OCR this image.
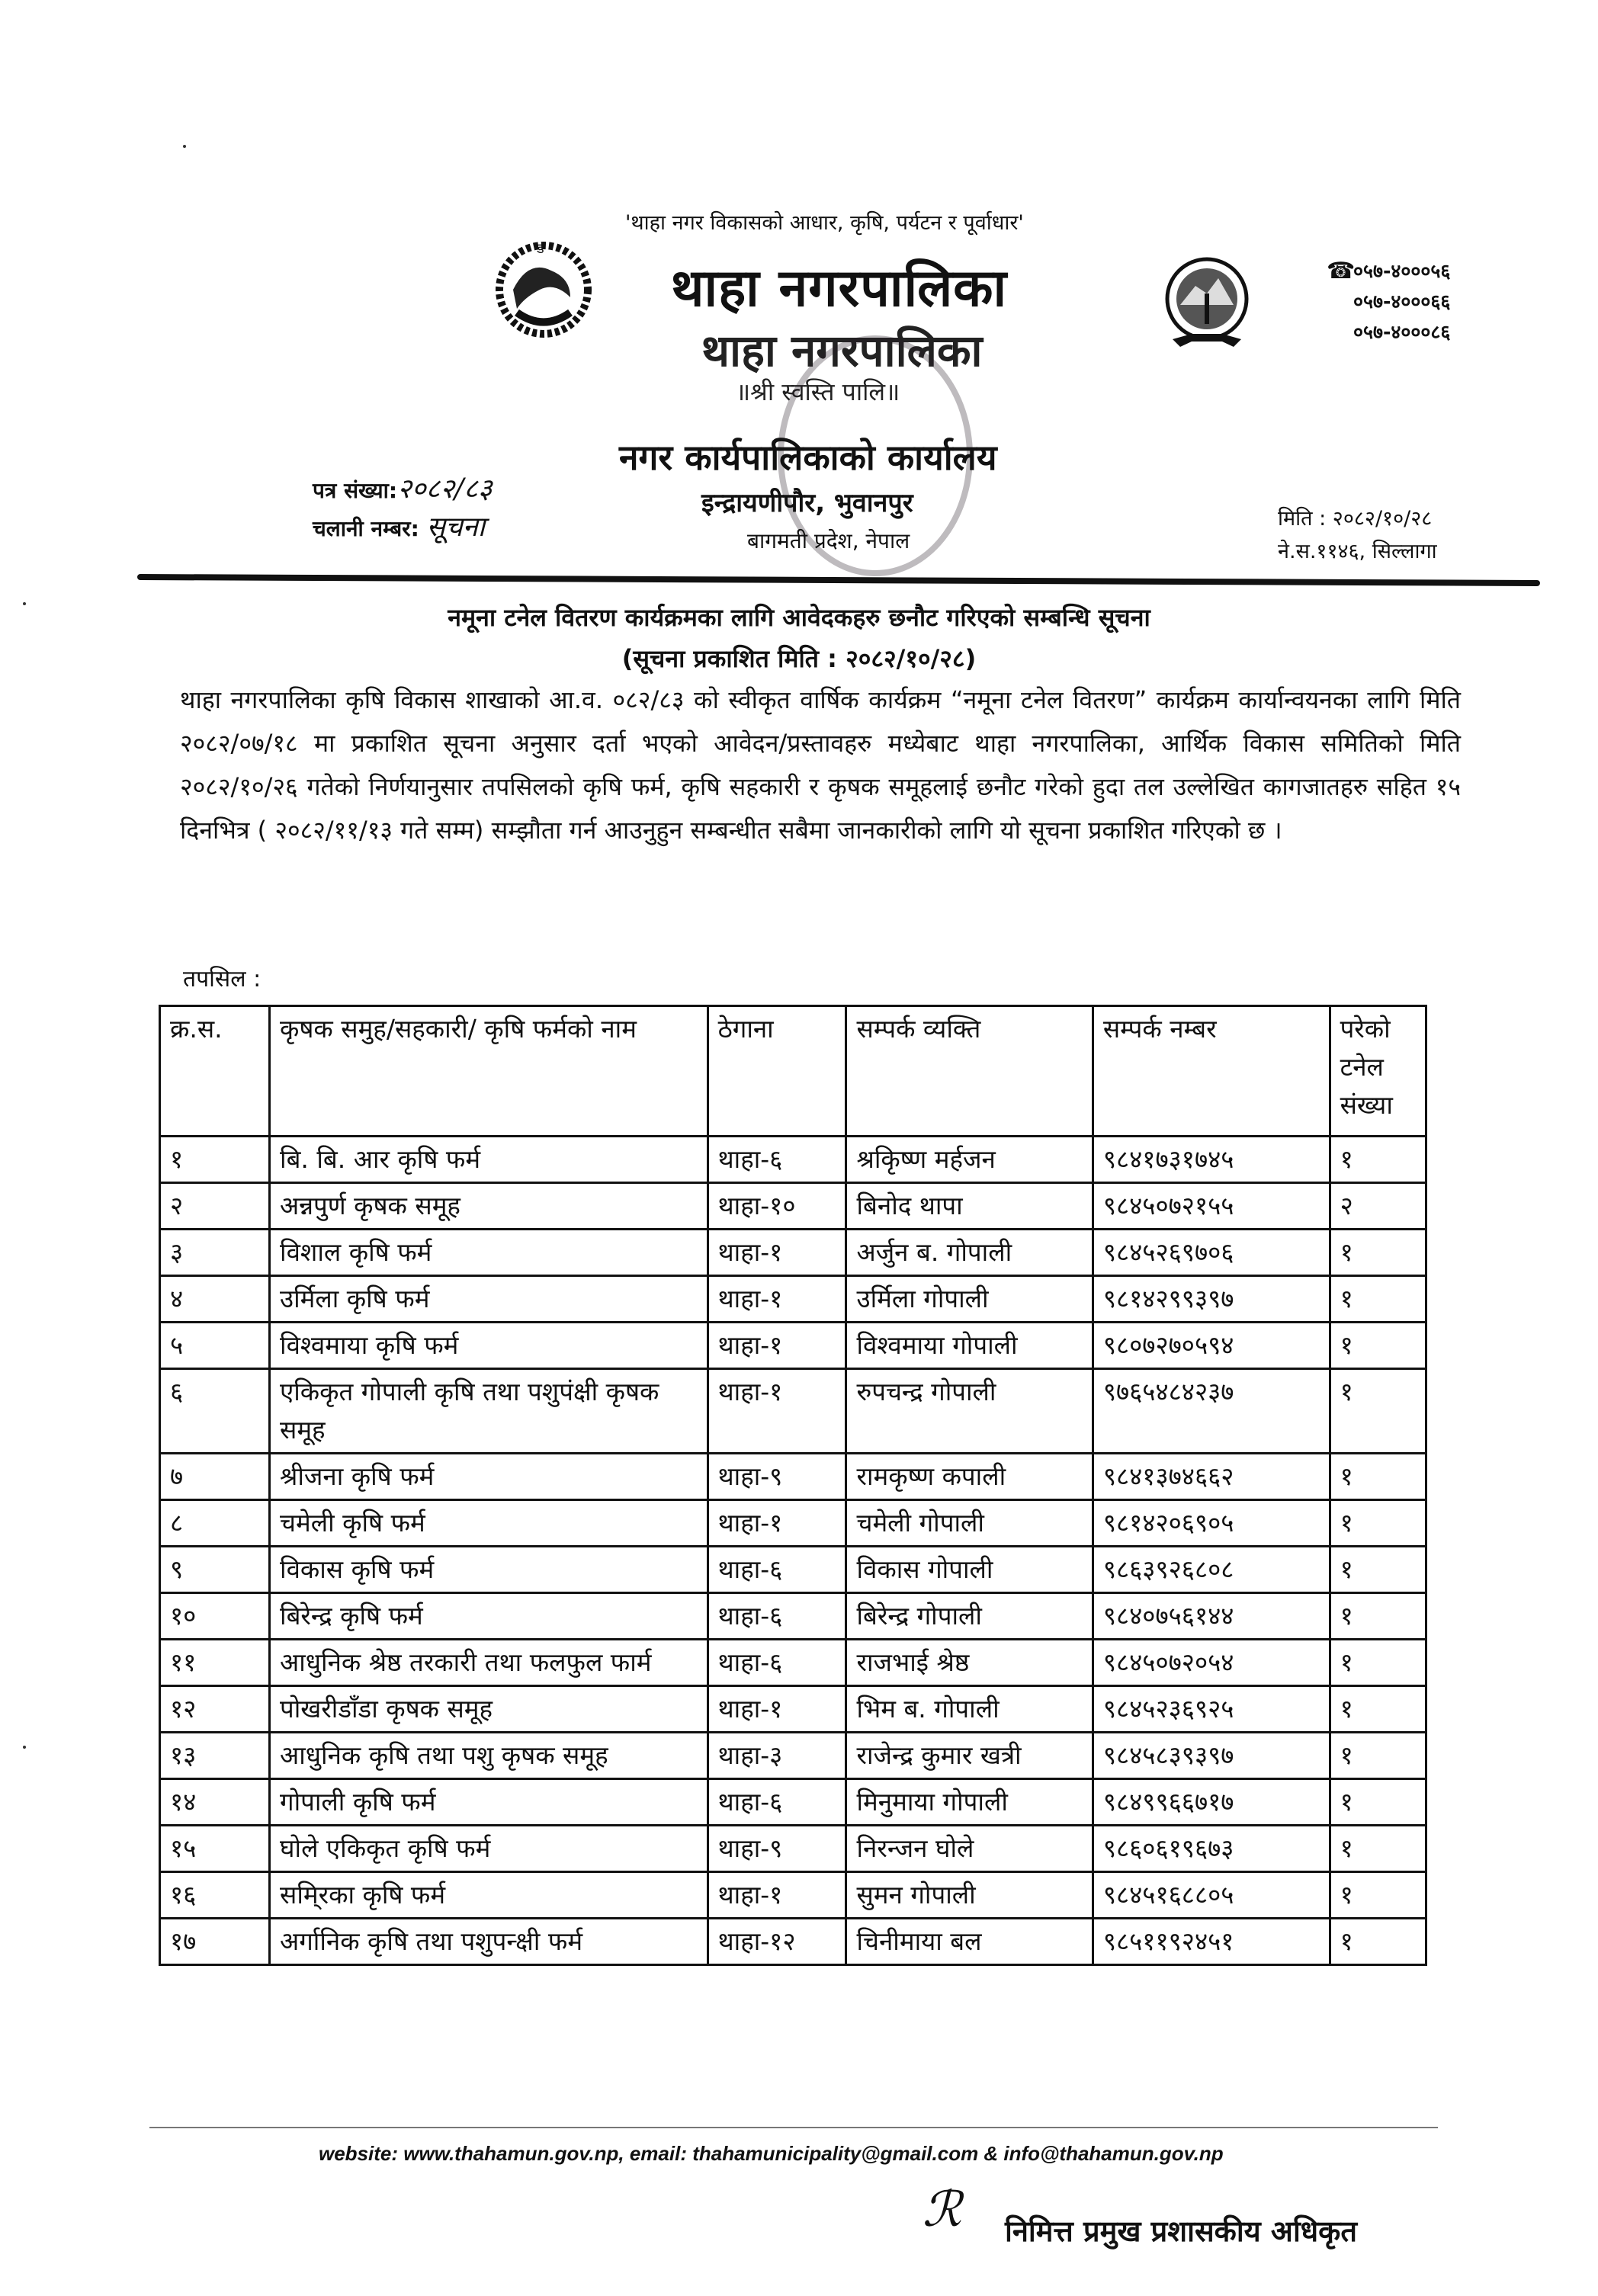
'थाहा नगर विकासको आधार, कृषि, पर्यटन र पूर्वाधार'
ड
थाहा नगरपालिका
थाहा नगरपालिका
॥श्री स्वस्ति पालि॥
नगर कार्यपालिकाको कार्यालय
इन्द्रायणीपौर, भुवानपुर
बागमती प्रदेश, नेपाल
☎
०५७-४०००५६
०५७-४०००६६
०५७-४०००८६
पत्र संख्या:२०८२/८३
चलानी नम्बर: सूचना	मिति : २०८२/१०/२८
ने.स.११४६, सिल्लागा
नमूना टनेल वितरण कार्यक्रमका लागि आवेदकहरु छनौट गरिएको सम्बन्धि सूचना
(सूचना प्रकाशित मिति : २०८२/१०/२८)
थाहा नगरपालिका कृषि विकास शाखाको आ.व. ०८२/८३ को स्वीकृत वार्षिक कार्यक्रम “नमूना टनेल वितरण” कार्यक्रम कार्यान्वयनका लागि मिति २०८२/०७/१८ मा प्रकाशित सूचना अनुसार दर्ता भएको आवेदन/प्रस्तावहरु मध्येबाट थाहा नगरपालिका, आर्थिक विकास समितिको मिति २०८२/१०/२६ गतेको निर्णयानुसार तपसिलको कृषि फर्म, कृषि सहकारी र कृषक समूहलाई छनौट गरेको हुदा तल उल्लेखित कागजातहरु सहित १५ दिनभित्र ( २०८२/११/१३ गते सम्म) सम्झौता गर्न आउनुहुन सम्बन्धीत सबैमा जानकारीको लागि यो सूचना प्रकाशित गरिएको छ ।
तपसिल :
क्र.स.	कृषक समुह/सहकारी/ कृषि फर्मको नाम	ठेगाना	सम्पर्क व्यक्ति	सम्पर्क नम्बर	परेको टनेल संख्या
१	बि. बि. आर कृषि फर्म	थाहा-६	श्रकिृष्ण मर्हजन	९८४१७३१७४५	१
२	अन्नपुर्ण कृषक समूह	थाहा-१०	बिनोद थापा	९८४५०७२१५५	२
३	विशाल कृषि फर्म	थाहा-१	अर्जुन ब. गोपाली	९८४५२६९७०६	१
४	उर्मिला कृषि फर्म	थाहा-१	उर्मिला गोपाली	९८१४२९९३९७	१
५	विश्वमाया कृषि फर्म	थाहा-१	विश्वमाया गोपाली	९८०७२७०५९४	१
६	एकिकृत गोपाली कृषि तथा पशुपंक्षी कृषक समूह	थाहा-१	रुपचन्द्र गोपाली	९७६५४८४२३७	१
७	श्रीजना कृषि फर्म	थाहा-९	रामकृष्ण कपाली	९८४१३७४६६२	१
८	चमेली कृषि फर्म	थाहा-१	चमेली गोपाली	९८१४२०६९०५	१
९	विकास कृषि फर्म	थाहा-६	विकास गोपाली	९८६३९२६८०८	१
१०	बिरेन्द्र कृषि फर्म	थाहा-६	बिरेन्द्र गोपाली	९८४०७५६१४४	१
११	आधुनिक श्रेष्ठ तरकारी तथा फलफुल फार्म	थाहा-६	राजभाई श्रेष्ठ	९८४५०७२०५४	१
१२	पोखरीडाँडा कृषक समूह	थाहा-१	भिम ब. गोपाली	९८४५२३६९२५	१
१३	आधुनिक कृषि तथा पशु कृषक समूह	थाहा-३	राजेन्द्र कुमार खत्री	९८४५८३९३९७	१
१४	गोपाली कृषि फर्म	थाहा-६	मिनुमाया गोपाली	९८४९९६६७१७	१
१५	घोले एकिकृत कृषि फर्म	थाहा-९	निरन्जन घोले	९८६०६१९६७३	१
१६	समि्रका कृषि फर्म	थाहा-१	सुमन गोपाली	९८४५१६८८०५	१
१७	अर्गानिक कृषि तथा पशुपन्क्षी फर्म	थाहा-१२	चिनीमाया बल	९८५११९२४५१	१
website: www.thahamun.gov.np, email: thahamunicipality@gmail.com & info@thahamun.gov.np
ℛ निमित्त प्रमुख प्रशासकीय अधिकृत
